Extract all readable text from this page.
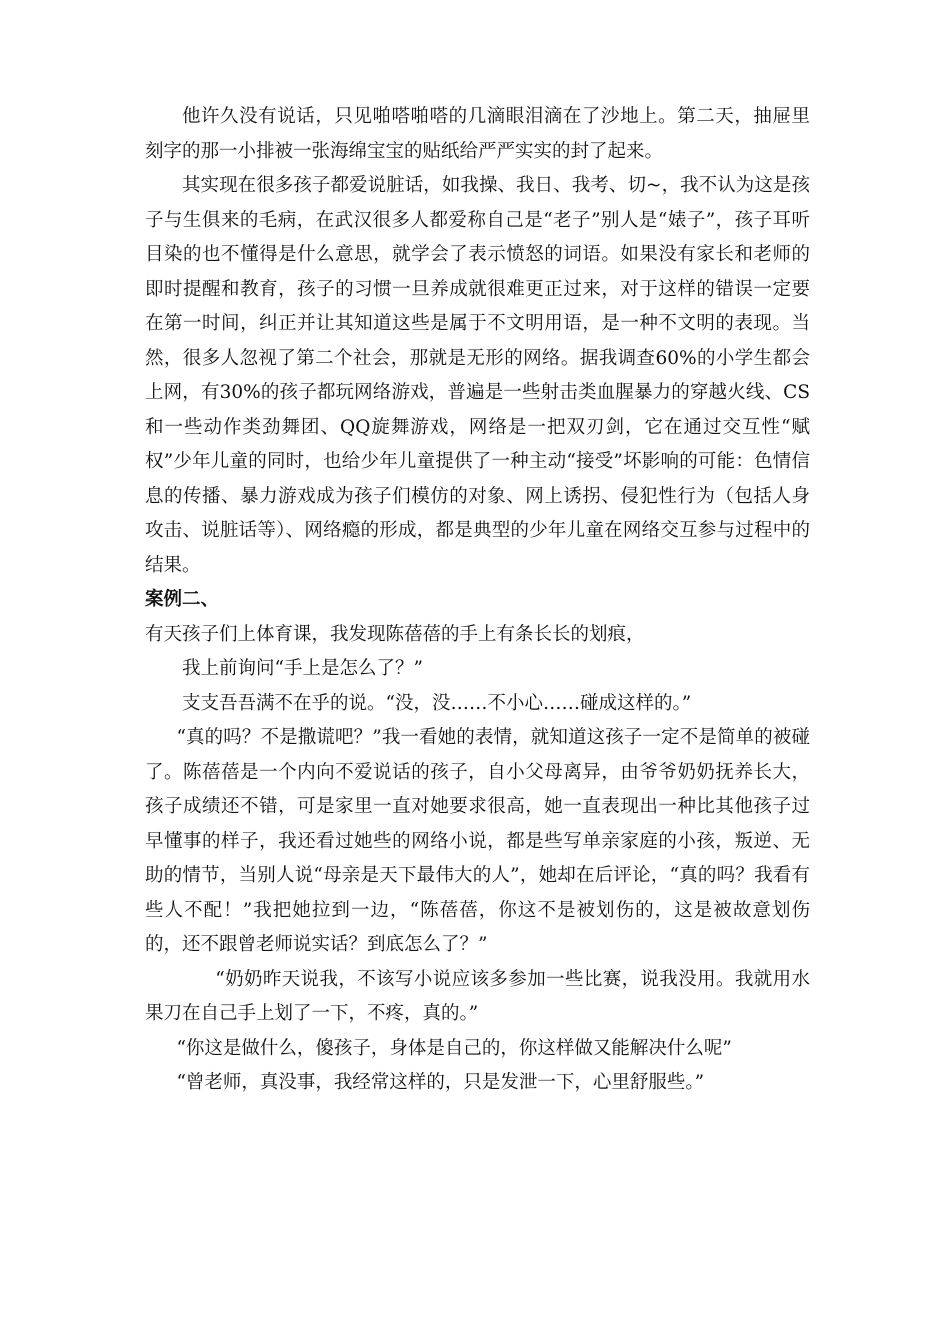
他许久没有说话，只见啪嗒啪嗒的几滴眼泪滴在了沙地上。第二天，抽屉里刻字的那一小排被一张海绵宝宝的贴纸给严严实实的封了起来。

其实现在很多孩子都爱说脏话，如我操、我日、我考、切~，我不认为这是孩子与生俱来的毛病，在武汉很多人都爱称自己是“老子”别人是“婊子”，孩子耳听目染的也不懂得是什么意思，就学会了表示愤怒的词语。如果没有家长和老师的即时提醒和教育，孩子的习惯一旦养成就很难更正过来，对于这样的错误一定要在第一时间，纠正并让其知道这些是属于不文明用语，是一种不文明的表现。当然，很多人忽视了第二个社会，那就是无形的网络。据我调查60%的小学生都会上网，有30%的孩子都玩网络游戏，普遍是一些射击类血腥暴力的穿越火线、CS和一些动作类劲舞团、QQ旋舞游戏，网络是一把双刃剑，它在通过交互性“赋权”少年儿童的同时，也给少年儿童提供了一种主动“接受”坏影响的可能：色情信息的传播、暴力游戏成为孩子们模仿的对象、网上诱拐、侵犯性行为（包括人身攻击、说脏话等）、网络瘾的形成，都是典型的少年儿童在网络交互参与过程中的结果。

案例二、

有天孩子们上体育课，我发现陈蓓蓓的手上有条长长的划痕，

我上前询问“手上是怎么了？”

支支吾吾满不在乎的说。“没，没……不小心……碰成这样的。”

“真的吗？不是撒谎吧？”我一看她的表情，就知道这孩子一定不是简单的被碰了。陈蓓蓓是一个内向不爱说话的孩子，自小父母离异，由爷爷奶奶抚养长大，孩子成绩还不错，可是家里一直对她要求很高，她一直表现出一种比其他孩子过早懂事的样子，我还看过她些的网络小说，都是些写单亲家庭的小孩，叛逆、无助的情节，当别人说“母亲是天下最伟大的人”，她却在后评论，“真的吗？我看有些人不配！”我把她拉到一边，“陈蓓蓓，你这不是被划伤的，这是被故意划伤的，还不跟曾老师说实话？到底怎么了？”

“奶奶昨天说我，不该写小说应该多参加一些比赛，说我没用。我就用水果刀在自己手上划了一下，不疼，真的。”

“你这是做什么，傻孩子，身体是自己的，你这样做又能解决什么呢”

“曾老师，真没事，我经常这样的，只是发泄一下，心里舒服些。”
